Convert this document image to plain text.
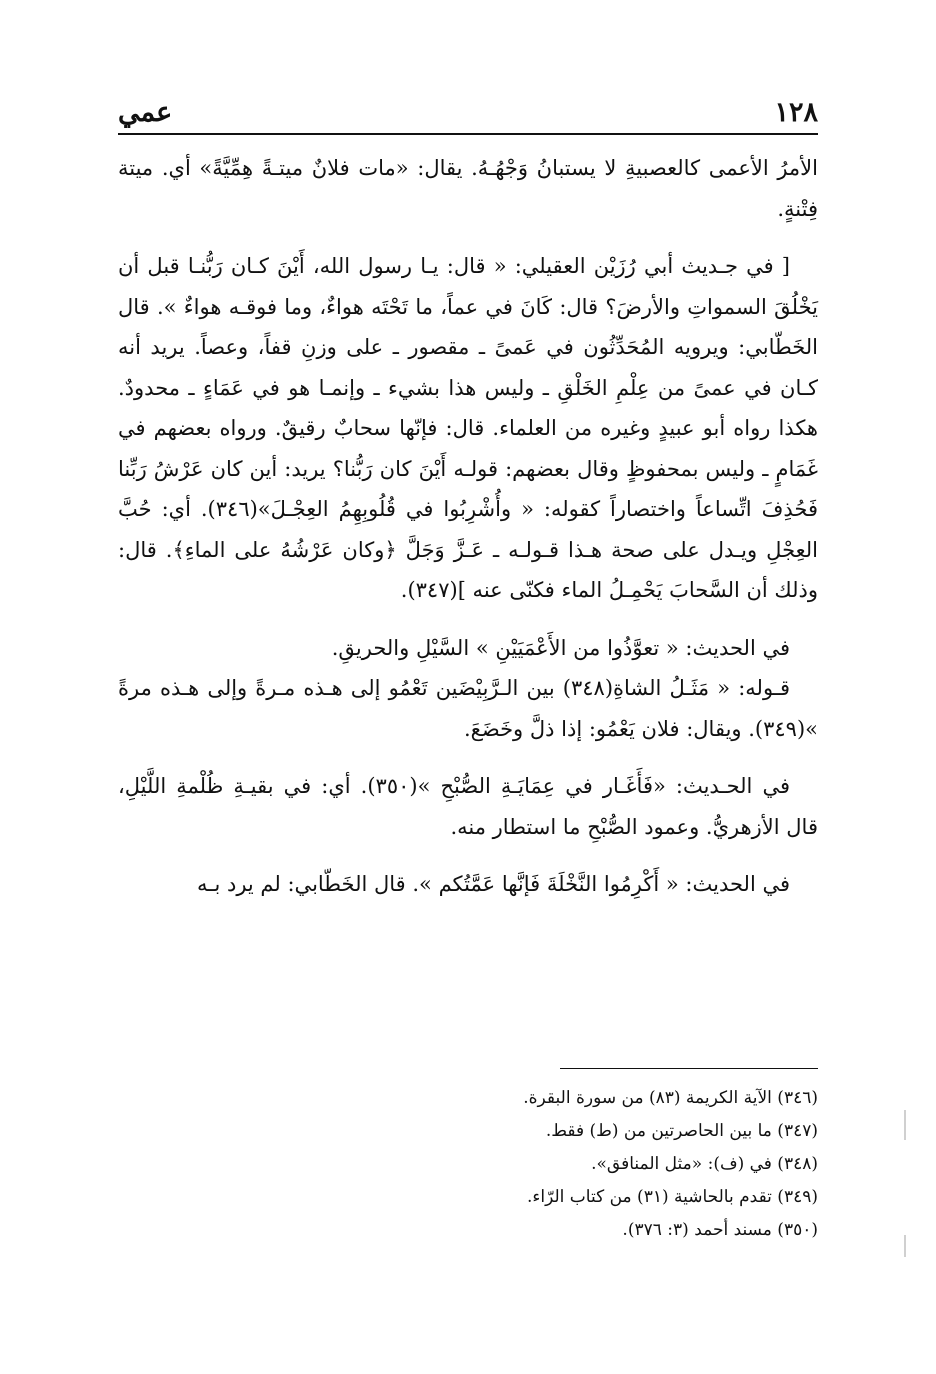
١٢٨
عمي

الأمرُ الأعمى كالعصبيةِ لا يستبانُ وَجْهُـهُ. يقال: «مات فلانٌ ميتـةً هِمِّيَّةً» أي. ميتة فِتْنةٍ.

[ في جـديث أبي رُزَيْن العقيلي: « قال: يـا رسول الله، أَيْنَ كـان رَبُّنـا قبل أن يَخْلُقَ السمواتِ والأرضَ؟ قال: كَانَ في عماً، ما تَحْتَه هواءٌ، وما فوقـه هواءٌ ». قال الخَطّابي: ويرويه المُحَدِّثُون في عَمىً ـ مقصور ـ على وزنِ قفاً، وعصاً. يريد أنه كـان في عمىً من عِلْمِ الخَلْقِ ـ وليس هذا بشيء ـ وإنمـا هو في عَمَاءٍ ـ محدودٌ. هكذا رواه أبو عبيدٍ وغيره من العلماء. قال: فإنّها سحابٌ رقيقٌ. ورواه بعضهم في غَمَامٍ ـ وليس بمحفوظٍ وقال بعضهم: قولـه أَيْنَ كان رَبُّنا؟ يريد: أين كان عَرْشُ رَبِّنا فَحُذِفَ اتِّساعاً واختصاراً كقوله: « وأُشْرِبُوا في قُلُوبِهِمُ العِجْـلَ»(٣٤٦). أي: حُبَّ العِجْلِ ويـدل على صحة هـذا قـولـه ـ عَـزَّ وَجَلَّ ﴿وكان عَرْشُهُ على الماءِ﴾. قال: وذلك أن السَّحابَ يَحْمِـلُ الماء فكنّى عنه ](٣٤٧).

في الحديث: « تعوَّذُوا من الأَعْمَيَيْنِ » السَّيْلِ والحريقِ.

قـوله: « مَثَـلُ الشاةِ(٣٤٨) بين الـرَّبِيْضَين تَعْمُو إلى هـذه مـرةً وإلى هـذه مرةً »(٣٤٩). ويقال: فلان يَعْمُو: إذا ذلَّ وخَضَعَ.

في الحـديث: «فَأَغَـار في عِمَايَـةِ الصُّبْحِ »(٣٥٠). أي: في بقيـةِ ظُلْمةِ اللَّيْلِ، قال الأزهريُّ. وعمود الصُّبْحِ ما استطار منه.

في الحديث: « أَكْرِمُوا النَّخْلَةَ فَإنَّها عَمَّتُكم ». قال الخَطّابي: لم يرد بـه

(٣٤٦) الآية الكريمة (٨٣) من سورة البقرة.

(٣٤٧) ما بين الحاصرتين من (ط) فقط.

(٣٤٨) في (ف): «مثل المنافق».

(٣٤٩) تقدم بالحاشية (٣١) من كتاب الرّاء.

(٣٥٠) مسند أحمد (٣: ٣٧٦).
